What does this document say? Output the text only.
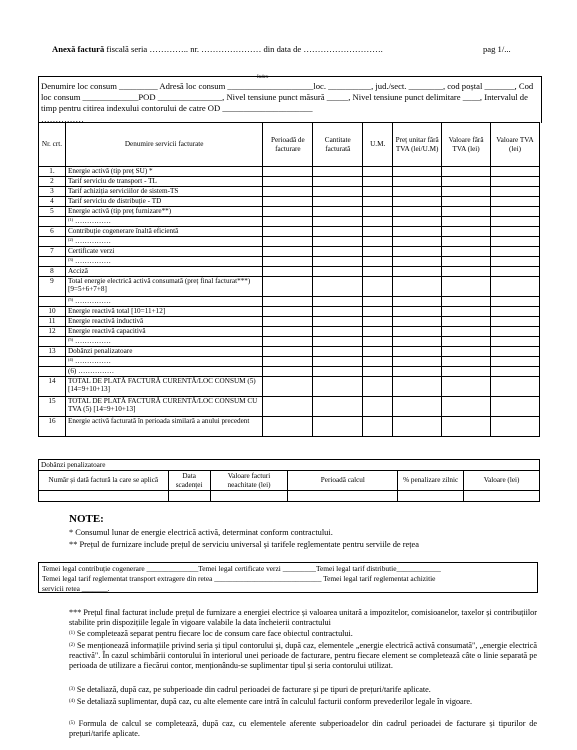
Anexă factură fiscală seria ………….. nr. ………………… din data de ……………………….	pag 1/...
Index
Denumire loc consum _________ Adresă loc consum ____________________loc. __________, jud./sect. ________, cod poștal _______, Cod loc consum _____________POD _______________, Nivel tensiune punct măsură _____, Nivel tensiune punct delimitare ____, Intervalul de timp pentru citirea indexului contorului de catre OD _____________________
……………
Nr. crt.	Denumire servicii facturate	Perioadă de facturare	Cantitate facturată	U.M.	Preț unitar fără TVA (lei/U.M)	Valoare fără TVA (lei)	Valoare TVA (lei)
1.	Energie activă (tip preț SU) *						
2	Tarif serviciu de transport - TL						
3	Tarif achiziția serviciilor de sistem-TS						
4	Tarif serviciu de distribuție - TD						
5	Energie activă (tip preț furnizare**)						
	$^{(1)}$ ……………						
6	Contribuție cogenerare înaltă eficientă						
	$^{(2)}$ ……………						
7	Certificate verzi						
	$^{(3)}$ ……………						
8	Acciză						
9	Total energie electrică activă consumată (preț final facturat***) [9=5+6+7+8]						
	$^{(5)}$ ……………						
10	Energie reactivă total [10=11+12]						
11	Energie reactivă inductivă						
12	Energie reactivă capacitivă						
	$^{(5)}$ ……………						
13	Dobânzi penalizatoare						
	$^{(4)}$ ……………						
	(6) ……………						
14	TOTAL DE PLATĂ FACTURĂ CURENTĂ/LOC CONSUM (5)[14=9+10+13]						
15	TOTAL DE PLATĂ FACTURĂ CURENTĂ/LOC CONSUM CU TVA (5) [14=9+10+13]						
16	Energie activă facturată în perioada similară a anului precedent						
Dobânzi penalizatoare					
Număr și dată factură la care se aplică	Data scadenței	Valoare facturi neachitate (lei)	Perioadă calcul	% penalizare zilnic	Valoare (lei)

NOTE:
* Consumul lunar de energie electrică activă, determinat conform contractului.
** Prețul de furnizare include prețul de serviciu universal și tarifele reglementate pentru serviile de rețea
Temei legal contribuție cogenerare ______________Temei legal certificate verzi _________Temei legal tarif distributie____________
Temei legal tarif reglementat transport extragere din retea _____________________________ Temei legal tarif reglementat achizitie
servicii retea _______.
*** Prețul final facturat include prețul de furnizare a energiei electrice și valoarea unitară a impozitelor, comisioanelor, taxelor și contribuțiilor stabilite prin dispozițiile legale în vigoare valabile la data încheierii contractului
$^{(1)}$ Se completează separat pentru fiecare loc de consum care face obiectul contractului.
$^{(2)}$ Se menționează informațiile privind seria și tipul contorului și, după caz, elementele „energie electrică activă consumată", „energie electrică reactivă". În cazul schimbării contorului în interiorul unei perioade de facturare, pentru fiecare element se completează câte o linie separată pe perioada de utilizare a fiecărui contor, menționându-se suplimentar tipul și seria contorului utilizat.
$^{(3)}$ Se detaliază, după caz, pe subperioade din cadrul perioadei de facturare și pe tipuri de prețuri/tarife aplicate.
$^{(4)}$ Se detaliază suplimentar, după caz, cu alte elemente care intră în calculul facturii conform prevederilor legale în vigoare.
$^{(5)}$ Formula de calcul se completează, după caz, cu elementele aferente subperioadelor din cadrul perioadei de facturare și tipurilor de prețuri/tarife aplicate.
